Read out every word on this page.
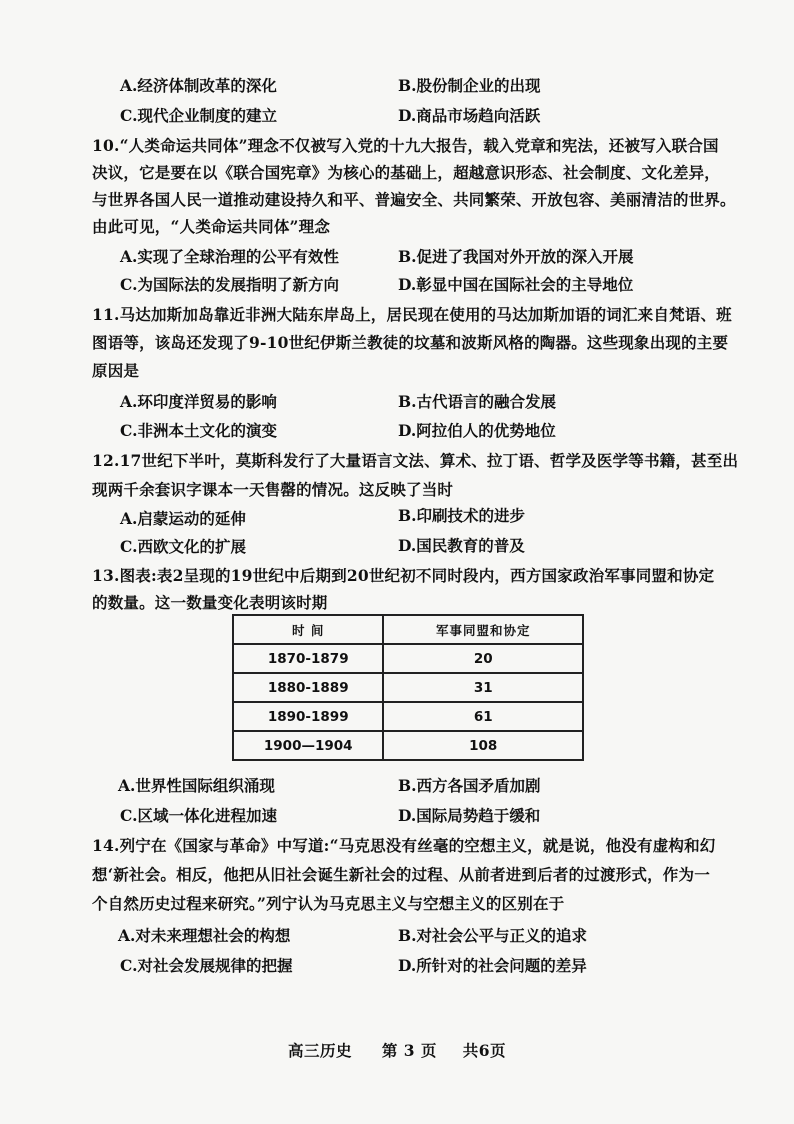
A.经济体制改革的深化	B.股份制企业的出现
C.现代企业制度的建立	D.商品市场趋向活跃
10.“人类命运共同体”理念不仅被写入党的十九大报告，载入党章和宪法，还被写入联合国
决议，它是要在以《联合国宪章》为核心的基础上，超越意识形态、社会制度、文化差异，
与世界各国人民一道推动建设持久和平、普遍安全、共同繁荣、开放包容、美丽清洁的世界。
由此可见，“人类命运共同体”理念
A.实现了全球治理的公平有效性	B.促进了我国对外开放的深入开展
C.为国际法的发展指明了新方向	D.彰显中国在国际社会的主导地位
11.马达加斯加岛靠近非洲大陆东岸岛上，居民现在使用的马达加斯加语的词汇来自梵语、班
图语等，该岛还发现了9-10世纪伊斯兰教徒的坟墓和波斯风格的陶器。这些现象出现的主要
原因是
A.环印度洋贸易的影响	B.古代语言的融合发展
C.非洲本土文化的演变	D.阿拉伯人的优势地位
12.17世纪下半叶，莫斯科发行了大量语言文法、算术、拉丁语、哲学及医学等书籍，甚至出
现两千余套识字课本一天售罄的情况。这反映了当时
A.启蒙运动的延伸	B.印刷技术的进步
C.西欧文化的扩展	D.国民教育的普及
13.图表:表2呈现的19世纪中后期到20世纪初不同时段内，西方国家政治军事同盟和协定
的数量。这一数量变化表明该时期
时 间	军事同盟和协定
1870-1879	20
1880-1889	31
1890-1899	61
1900—1904	108
A.世界性国际组织涌现	B.西方各国矛盾加剧
C.区域一体化进程加速	D.国际局势趋于缓和
14.列宁在《国家与革命》中写道:“马克思没有丝毫的空想主义，就是说，他没有虚构和幻
想‘新社会。相反，他把从旧社会诞生新社会的过程、从前者进到后者的过渡形式，作为一
个自然历史过程来研究。”列宁认为马克思主义与空想主义的区别在于
A.对未来理想社会的构想	B.对社会公平与正义的追求
C.对社会发展规律的把握	D.所针对的社会问题的差异
高三历史 第 3 页 共6页
